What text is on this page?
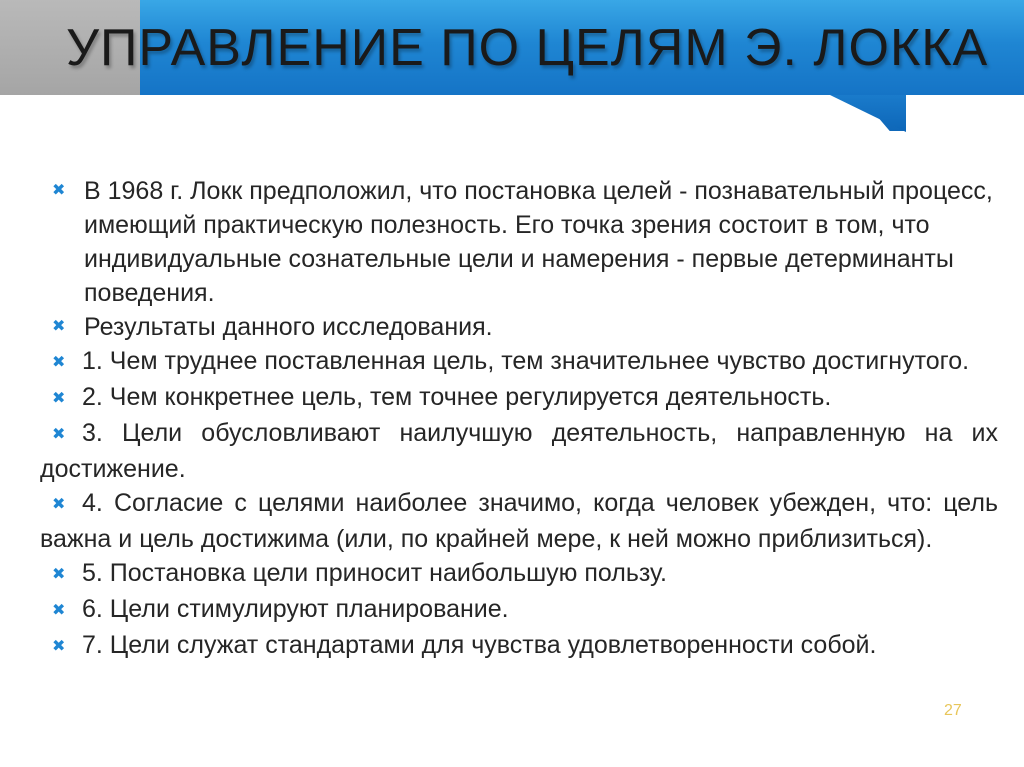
УПРАВЛЕНИЕ ПО ЦЕЛЯМ Э. ЛОККА

✖ В 1968 г. Локк предположил, что постановка целей - познавательный процесс, имеющий практическую полезность. Его точка зрения состоит в том, что индивидуальные сознательные цели и намерения - первые детерминанты поведения.

✖ Результаты данного исследования.

✖ 1. Чем труднее поставленная цель, тем значительнее чувство достигнутого.

✖ 2. Чем конкретнее цель, тем точнее регулируется деятельность.

✖ 3. Цели обусловливают наилучшую деятельность, направленную на их достижение.

✖ 4. Согласие с целями наиболее значимо, когда человек убежден, что: цель важна и цель достижима (или, по крайней мере, к ней можно приблизиться).

✖ 5. Постановка цели приносит наибольшую пользу.

✖ 6. Цели стимулируют планирование.

✖ 7. Цели служат стандартами для чувства удовлетворенности собой.

27
